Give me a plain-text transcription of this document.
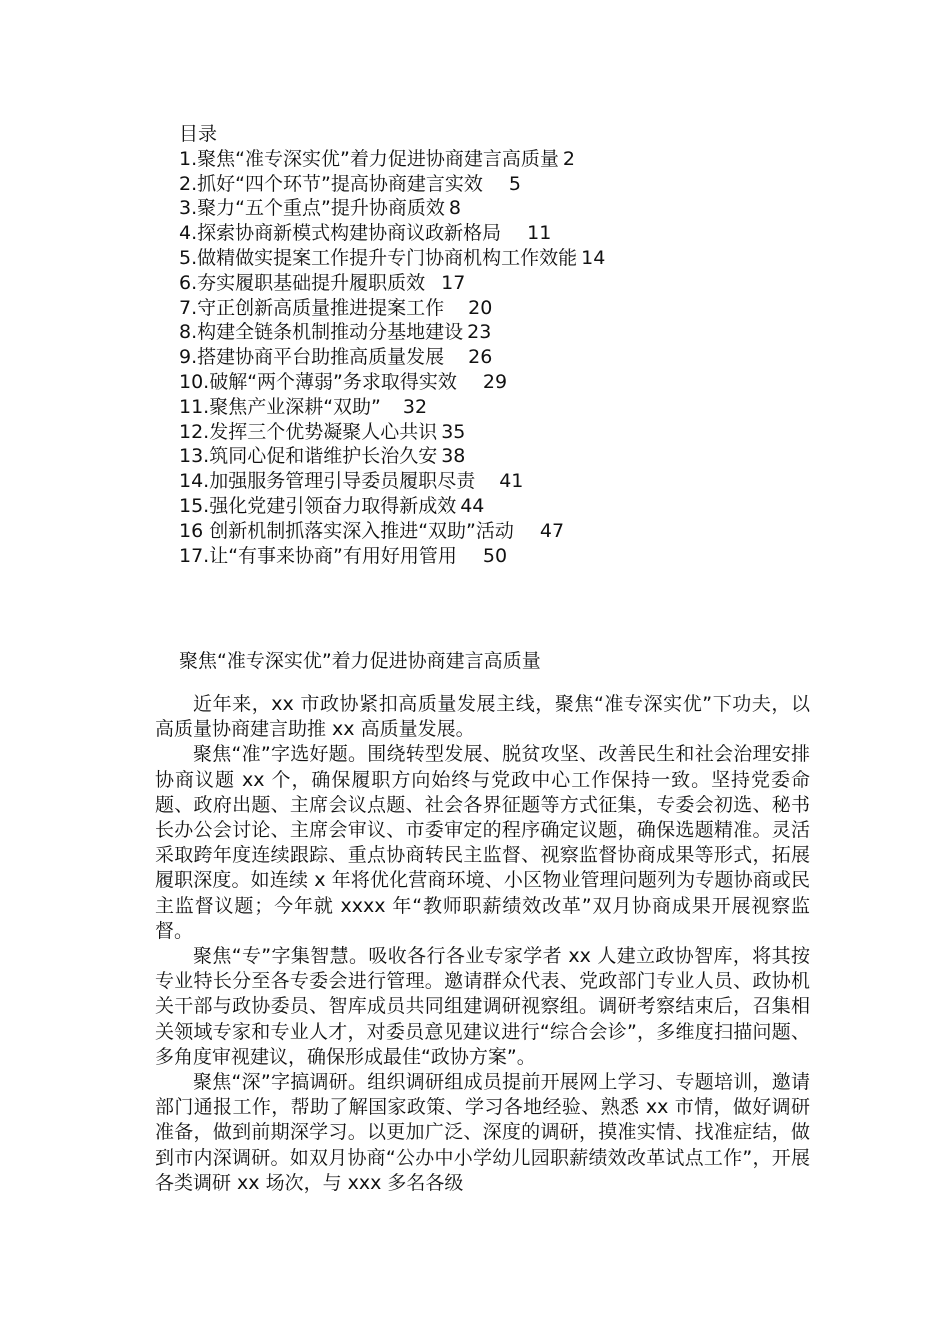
目录
1.聚焦“准专深实优”着力促进协商建言高质量 2
2.抓好“四个环节”提高协商建言实效	5
3.聚力“五个重点”提升协商质效 8
4.探索协商新模式构建协商议政新格局	11
5.做精做实提案工作提升专门协商机构工作效能 14
6.夯实履职基础提升履职质效 17
7.守正创新高质量推进提案工作	20
8.构建全链条机制推动分基地建设 23
9.搭建协商平台助推高质量发展	26
10.破解“两个薄弱”务求取得实效	29
11.聚焦产业深耕“双助”	32
12.发挥三个优势凝聚人心共识 35
13.筑同心促和谐维护长治久安 38
14.加强服务管理引导委员履职尽责	41
15.强化党建引领奋力取得新成效 44
16 创新机制抓落实深入推进“双助”活动	47
17.让“有事来协商”有用好用管用	50
聚焦“准专深实优”着力促进协商建言高质量

近年来，xx 市政协紧扣高质量发展主线，聚焦“准专深实优”下功夫，以高质量协商建言助推 xx 高质量发展。

聚焦“准”字选好题。围绕转型发展、脱贫攻坚、改善民生和社会治理安排协商议题 xx 个，确保履职方向始终与党政中心工作保持一致。坚持党委命题、政府出题、主席会议点题、社会各界征题等方式征集，专委会初选、秘书长办公会讨论、主席会审议、市委审定的程序确定议题，确保选题精准。灵活采取跨年度连续跟踪、重点协商转民主监督、视察监督协商成果等形式，拓展履职深度。如连续 x 年将优化营商环境、小区物业管理问题列为专题协商或民主监督议题；今年就 xxxx 年“教师职薪绩效改革”双月协商成果开展视察监督。

聚焦“专”字集智慧。吸收各行各业专家学者 xx 人建立政协智库，将其按专业特长分至各专委会进行管理。邀请群众代表、党政部门专业人员、政协机关干部与政协委员、智库成员共同组建调研视察组。调研考察结束后，召集相关领域专家和专业人才，对委员意见建议进行“综合会诊”，多维度扫描问题、多角度审视建议，确保形成最佳“政协方案”。

聚焦“深”字搞调研。组织调研组成员提前开展网上学习、专题培训，邀请部门通报工作，帮助了解国家政策、学习各地经验、熟悉 xx 市情，做好调研准备，做到前期深学习。以更加广泛、深度的调研，摸准实情、找准症结，做到市内深调研。如双月协商“公办中小学幼儿园职薪绩效改革试点工作”，开展各类调研 xx 场次，与 xxx 多名各级
